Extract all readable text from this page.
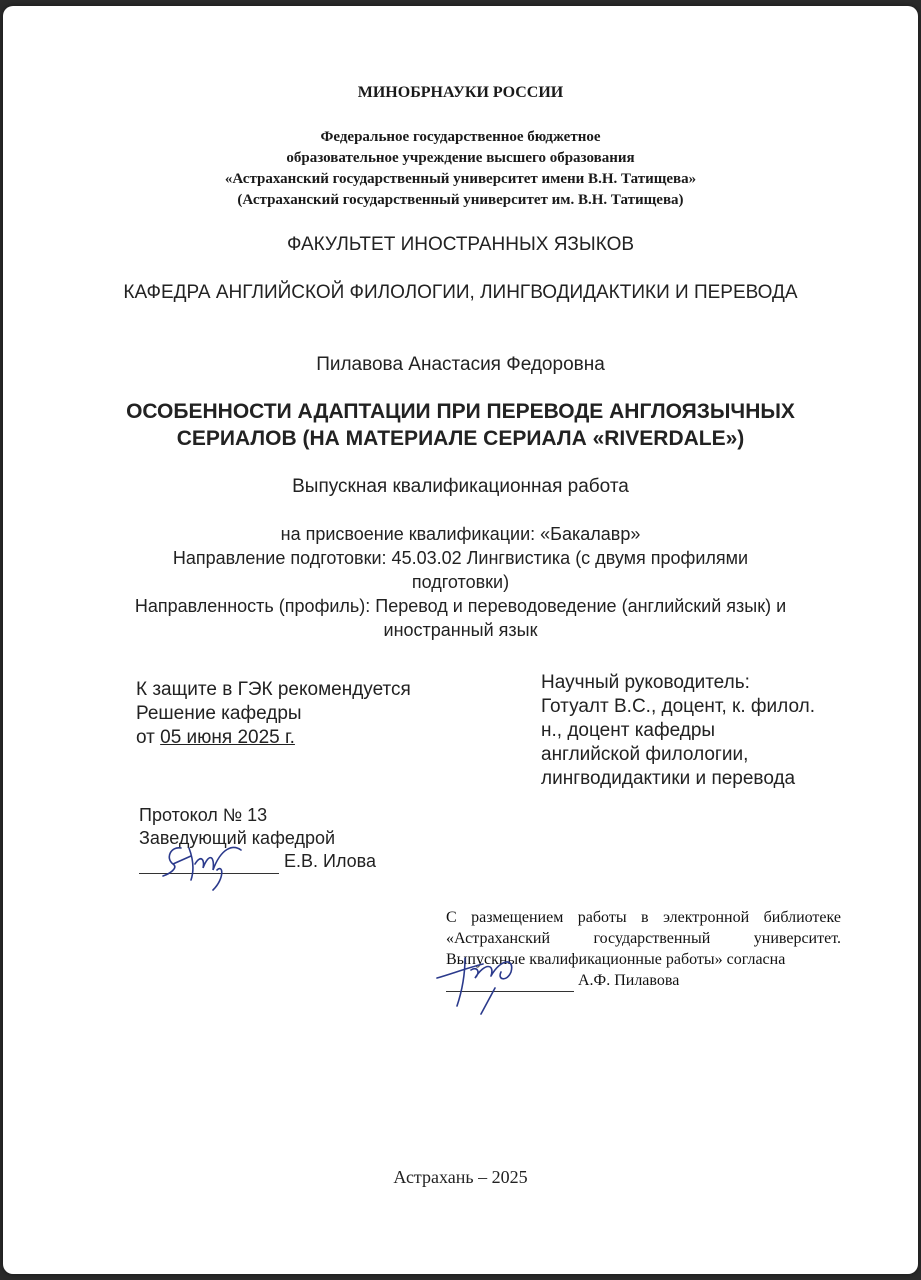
МИНОБРНАУКИ РОССИИ
Федеральное государственное бюджетное
образовательное учреждение высшего образования
«Астраханский государственный университет имени В.Н. Татищева»
(Астраханский государственный университет им. В.Н. Татищева)
ФАКУЛЬТЕТ ИНОСТРАННЫХ ЯЗЫКОВ
КАФЕДРА АНГЛИЙСКОЙ ФИЛОЛОГИИ, ЛИНГВОДИДАКТИКИ И ПЕРЕВОДА
Пилавова Анастасия Федоровна
ОСОБЕННОСТИ АДАПТАЦИИ ПРИ ПЕРЕВОДЕ АНГЛОЯЗЫЧНЫХ СЕРИАЛОВ (НА МАТЕРИАЛЕ СЕРИАЛА «RIVERDALE»)
Выпускная квалификационная работа
на присвоение квалификации: «Бакалавр»
Направление подготовки: 45.03.02 Лингвистика (с двумя профилями подготовки)
Направленность (профиль): Перевод и переводоведение (английский язык) и иностранный язык
К защите в ГЭК рекомендуется
Решение кафедры
от 05 июня 2025 г.
Научный руководитель:
Готуалт В.С., доцент, к. филол.
н., доцент кафедры
английской филологии,
лингводидактики и перевода
Протокол № 13
Заведующий кафедрой
Е.В. Илова
С размещением работы в электронной библиотеке «Астраханский государственный университет. Выпускные квалификационные работы» согласна
А.Ф. Пилавова
Астрахань – 2025
